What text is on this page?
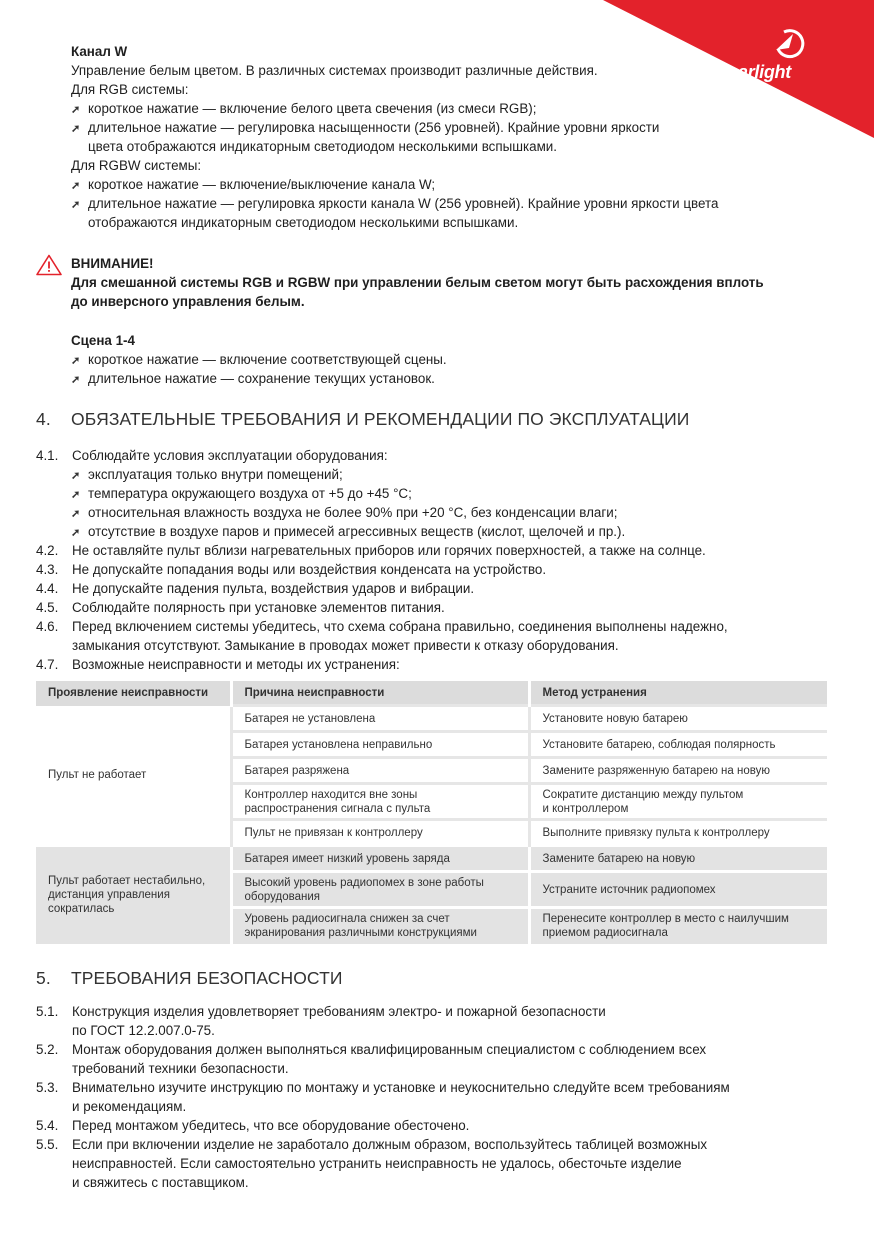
arlight
Канал W
Управление белым цветом. В различных системах производит различные действия.
Для RGB системы:
➚ короткое нажатие — включение белого цвета свечения (из смеси RGB);
➚ длительное нажатие — регулировка насыщенности (256 уровней). Крайние уровни яркости
цвета отображаются индикаторным светодиодом несколькими вспышками.
Для RGBW системы:
➚ короткое нажатие — включение/выключение канала W;
➚ длительное нажатие — регулировка яркости канала W (256 уровней). Крайние уровни яркости цвета
отображаются индикаторным светодиодом несколькими вспышками.
ВНИМАНИЕ!
Для смешанной системы RGB и RGBW при управлении белым светом могут быть расхождения вплоть
до инверсного управления белым.
Сцена 1-4
➚ короткое нажатие — включение соответствующей сцены.
➚ длительное нажатие — сохранение текущих установок.
4. ОБЯЗАТЕЛЬНЫЕ ТРЕБОВАНИЯ И РЕКОМЕНДАЦИИ ПО ЭКСПЛУАТАЦИИ
4.1. Соблюдайте условия эксплуатации оборудования:
➚ эксплуатация только внутри помещений;
➚ температура окружающего воздуха от +5 до +45 °C;
➚ относительная влажность воздуха не более 90% при +20 °C, без конденсации влаги;
➚ отсутствие в воздухе паров и примесей агрессивных веществ (кислот, щелочей и пр.).
4.2. Не оставляйте пульт вблизи нагревательных приборов или горячих поверхностей, а также на солнце.
4.3. Не допускайте попадания воды или воздействия конденсата на устройство.
4.4. Не допускайте падения пульта, воздействия ударов и вибрации.
4.5. Соблюдайте полярность при установке элементов питания.
4.6. Перед включением системы убедитесь, что схема собрана правильно, соединения выполнены надежно,
замыкания отсутствуют. Замыкание в проводах может привести к отказу оборудования.
4.7. Возможные неисправности и методы их устранения:
Проявление неисправности	Причина неисправности	Метод устранения
Пульт не работает	Батарея не установлена	Установите новую батарею
	Батарея установлена неправильно	Установите батарею, соблюдая полярность
	Батарея разряжена	Замените разряженную батарею на новую
	Контроллер находится вне зоны
распространения сигнала с пульта	Сократите дистанцию между пультом
и контроллером
	Пульт не привязан к контроллеру	Выполните привязку пульта к контроллеру
Пульт работает нестабильно,
дистанция управления
сократилась	Батарея имеет низкий уровень заряда	Замените батарею на новую
	Высокий уровень радиопомех в зоне работы
оборудования	Устраните источник радиопомех
	Уровень радиосигнала снижен за счет
экранирования различными конструкциями	Перенесите контроллер в место с наилучшим
приемом радиосигнала
5. ТРЕБОВАНИЯ БЕЗОПАСНОСТИ
5.1. Конструкция изделия удовлетворяет требованиям электро- и пожарной безопасности
по ГОСТ 12.2.007.0-75.
5.2. Монтаж оборудования должен выполняться квалифицированным специалистом с соблюдением всех
требований техники безопасности.
5.3. Внимательно изучите инструкцию по монтажу и установке и неукоснительно следуйте всем требованиям
и рекомендациям.
5.4. Перед монтажом убедитесь, что все оборудование обесточено.
5.5. Если при включении изделие не заработало должным образом, воспользуйтесь таблицей возможных
неисправностей. Если самостоятельно устранить неисправность не удалось, обесточьте изделие
и свяжитесь с поставщиком.
